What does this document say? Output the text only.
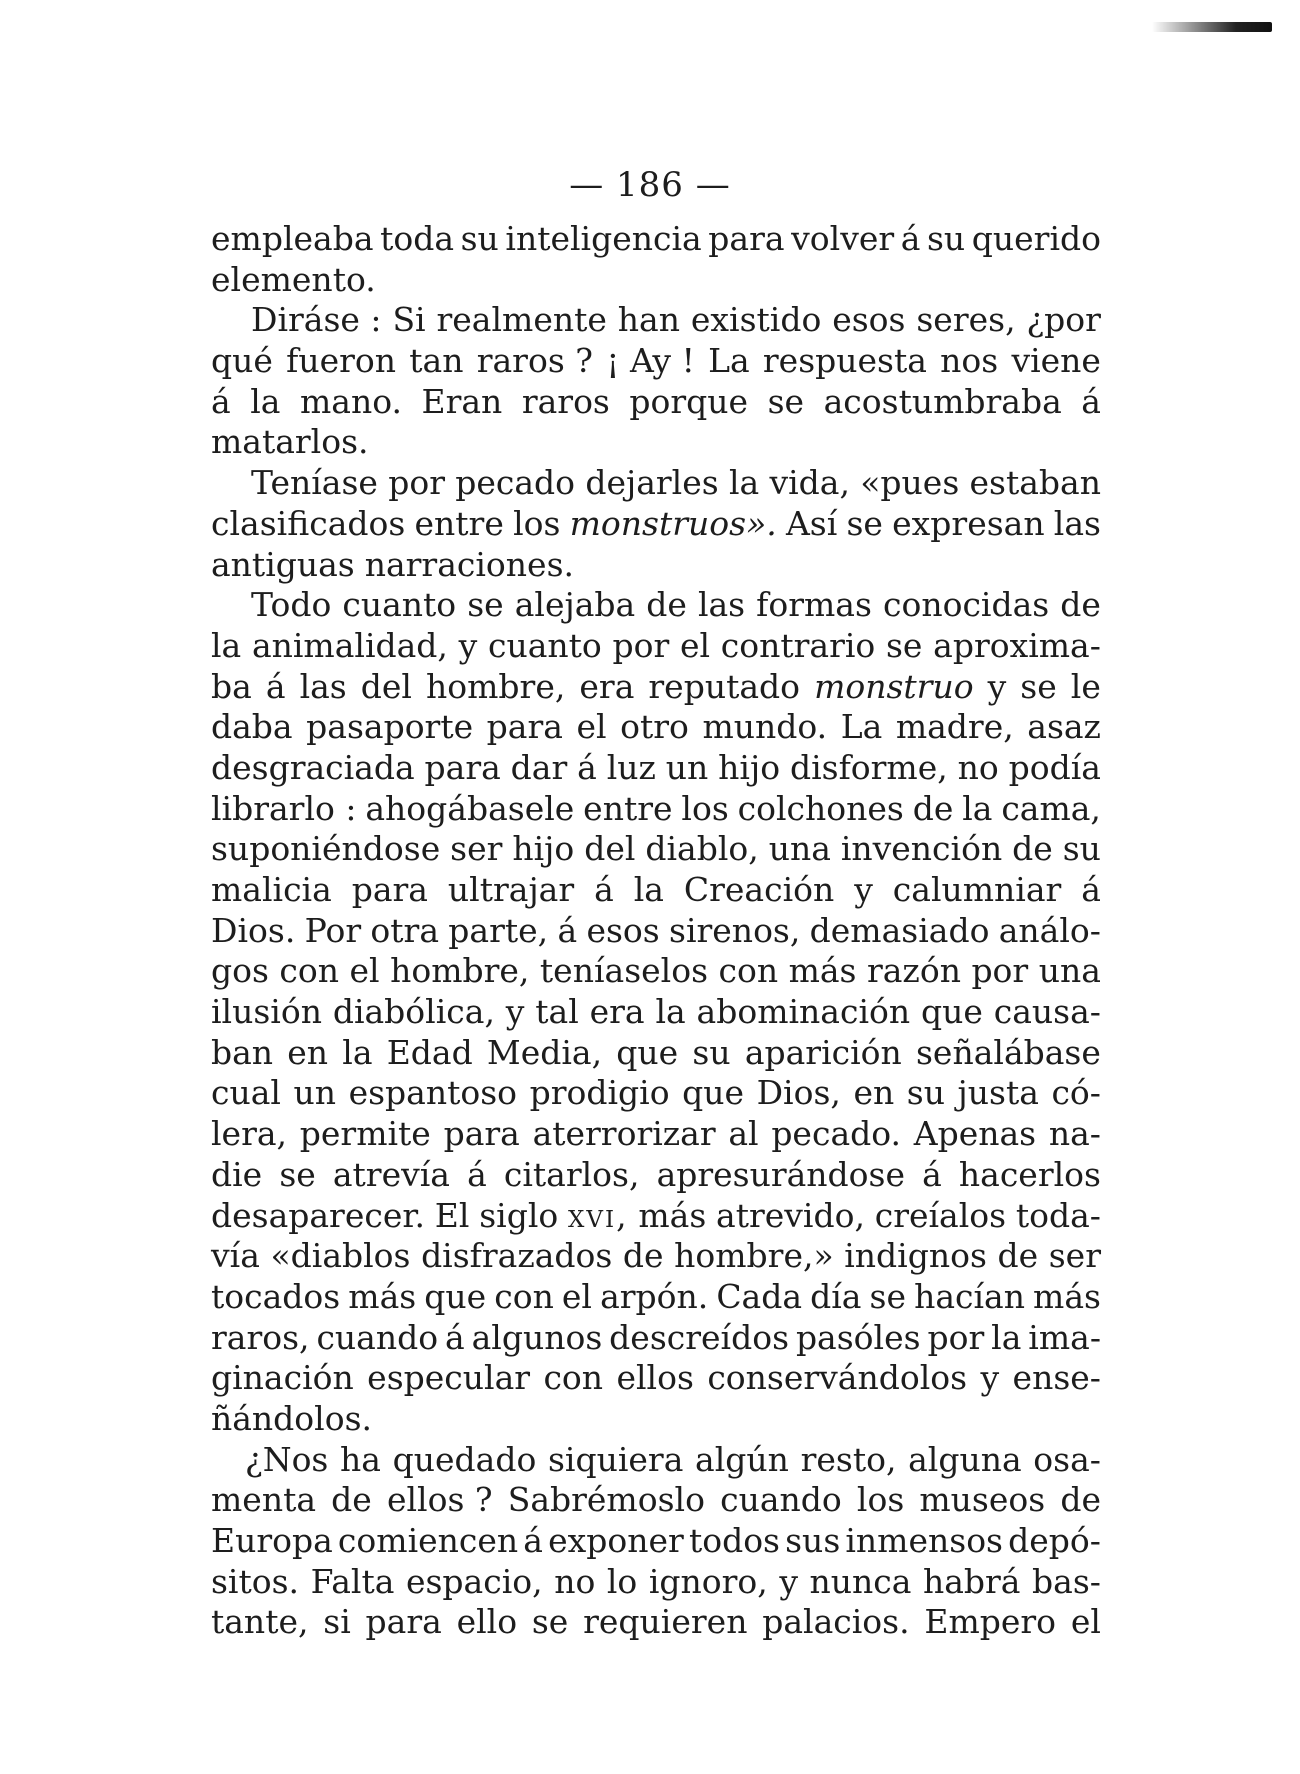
— 186 —
empleaba toda su inteligencia para volver á su querido
elemento.
Diráse : Si realmente han existido esos seres, ¿por
qué fueron tan raros ? ¡ Ay ! La respuesta nos viene
á la mano. Eran raros porque se acostumbraba á
matarlos.
Teníase por pecado dejarles la vida, «pues estaban
clasificados entre los monstruos». Así se expresan las
antiguas narraciones.
Todo cuanto se alejaba de las formas conocidas de
la animalidad, y cuanto por el contrario se aproxima-
ba á las del hombre, era reputado monstruo y se le
daba pasaporte para el otro mundo. La madre, asaz
desgraciada para dar á luz un hijo disforme, no podía
librarlo : ahogábasele entre los colchones de la cama,
suponiéndose ser hijo del diablo, una invención de su
malicia para ultrajar á la Creación y calumniar á
Dios. Por otra parte, á esos sirenos, demasiado análo-
gos con el hombre, teníaselos con más razón por una
ilusión diabólica, y tal era la abominación que causa-
ban en la Edad Media, que su aparición señalábase
cual un espantoso prodigio que Dios, en su justa có-
lera, permite para aterrorizar al pecado. Apenas na-
die se atrevía á citarlos, apresurándose á hacerlos
desaparecer. El siglo xvi, más atrevido, creíalos toda-
vía «diablos disfrazados de hombre,» indignos de ser
tocados más que con el arpón. Cada día se hacían más
raros, cuando á algunos descreídos pasóles por la ima-
ginación especular con ellos conservándolos y ense-
ñándolos.
¿Nos ha quedado siquiera algún resto, alguna osa-
menta de ellos ? Sabrémoslo cuando los museos de
Europa comiencen á exponer todos sus inmensos depó-
sitos. Falta espacio, no lo ignoro, y nunca habrá bas-
tante, si para ello se requieren palacios. Empero el
